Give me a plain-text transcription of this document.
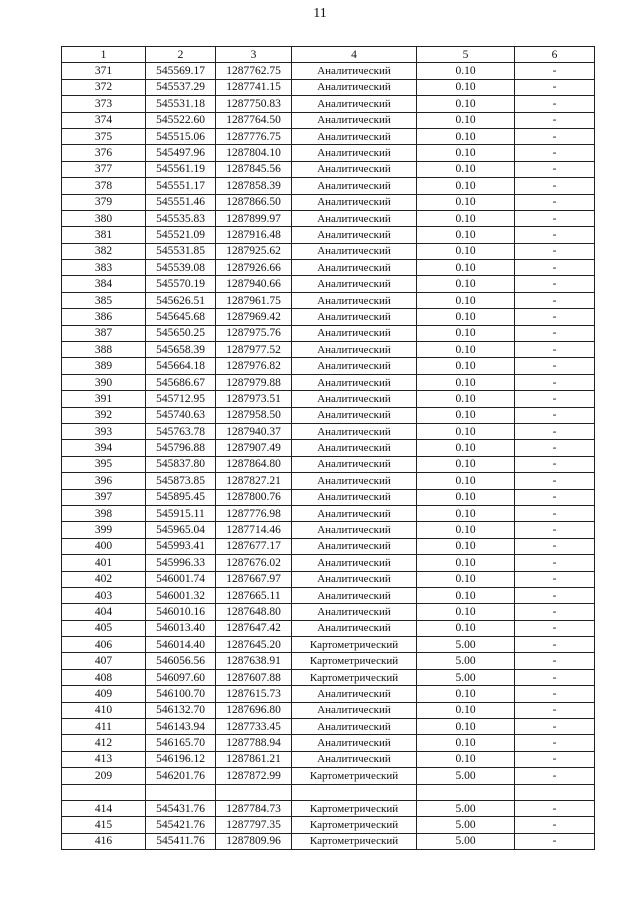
11
1	2	3	4	5	6
371	545569.17	1287762.75	Аналитический	0.10	-
372	545537.29	1287741.15	Аналитический	0.10	-
373	545531.18	1287750.83	Аналитический	0.10	-
374	545522.60	1287764.50	Аналитический	0.10	-
375	545515.06	1287776.75	Аналитический	0.10	-
376	545497.96	1287804.10	Аналитический	0.10	-
377	545561.19	1287845.56	Аналитический	0.10	-
378	545551.17	1287858.39	Аналитический	0.10	-
379	545551.46	1287866.50	Аналитический	0.10	-
380	545535.83	1287899.97	Аналитический	0.10	-
381	545521.09	1287916.48	Аналитический	0.10	-
382	545531.85	1287925.62	Аналитический	0.10	-
383	545539.08	1287926.66	Аналитический	0.10	-
384	545570.19	1287940.66	Аналитический	0.10	-
385	545626.51	1287961.75	Аналитический	0.10	-
386	545645.68	1287969.42	Аналитический	0.10	-
387	545650.25	1287975.76	Аналитический	0.10	-
388	545658.39	1287977.52	Аналитический	0.10	-
389	545664.18	1287976.82	Аналитический	0.10	-
390	545686.67	1287979.88	Аналитический	0.10	-
391	545712.95	1287973.51	Аналитический	0.10	-
392	545740.63	1287958.50	Аналитический	0.10	-
393	545763.78	1287940.37	Аналитический	0.10	-
394	545796.88	1287907.49	Аналитический	0.10	-
395	545837.80	1287864.80	Аналитический	0.10	-
396	545873.85	1287827.21	Аналитический	0.10	-
397	545895.45	1287800.76	Аналитический	0.10	-
398	545915.11	1287776.98	Аналитический	0.10	-
399	545965.04	1287714.46	Аналитический	0.10	-
400	545993.41	1287677.17	Аналитический	0.10	-
401	545996.33	1287676.02	Аналитический	0.10	-
402	546001.74	1287667.97	Аналитический	0.10	-
403	546001.32	1287665.11	Аналитический	0.10	-
404	546010.16	1287648.80	Аналитический	0.10	-
405	546013.40	1287647.42	Аналитический	0.10	-
406	546014.40	1287645.20	Картометрический	5.00	-
407	546056.56	1287638.91	Картометрический	5.00	-
408	546097.60	1287607.88	Картометрический	5.00	-
409	546100.70	1287615.73	Аналитический	0.10	-
410	546132.70	1287696.80	Аналитический	0.10	-
411	546143.94	1287733.45	Аналитический	0.10	-
412	546165.70	1287788.94	Аналитический	0.10	-
413	546196.12	1287861.21	Аналитический	0.10	-
209	546201.76	1287872.99	Картометрический	5.00	-

414	545431.76	1287784.73	Картометрический	5.00	-
415	545421.76	1287797.35	Картометрический	5.00	-
416	545411.76	1287809.96	Картометрический	5.00	-
